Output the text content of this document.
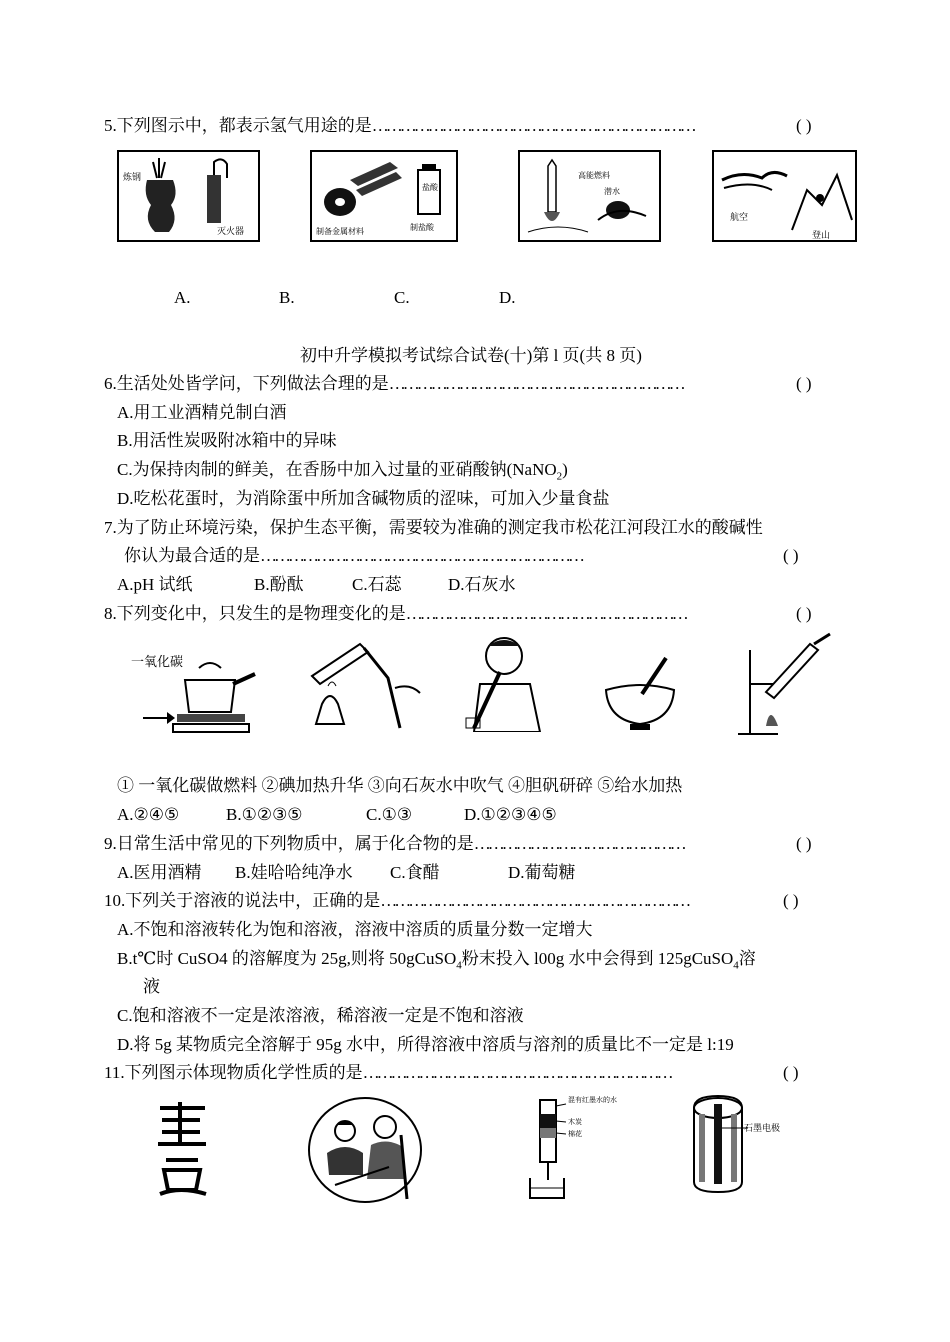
5.下列图示中，都表示氢气用途的是……………………………………………………………	( )
炼钢
灭火器
盐酸
制备金属材料	制盐酸
高能燃料
潜水
航空
登山
A.	B.	C.	D.
初中升学模拟考试综合试卷(十)第 l 页(共 8 页)
6.生活处处皆学问，下列做法合理的是………………………………………………………	( )
A.用工业酒精兑制白酒
B.用活性炭吸附冰箱中的异味
C.为保持肉制的鲜美，在香肠中加入过量的亚硝酸钠(NaNO$_2$)
D.吃松花蛋时，为消除蛋中所加含碱物质的涩味，可加入少量食盐
7.为了防止环境污染，保护生态平衡，需要较为准确的测定我市松花江河段江水的酸碱性
你认为最合适的是……………………………………………………………	( )
A.pH 试纸	B.酚酞	C.石蕊	D.石灰水
8.下列变化中，只发生的是物理变化的是……………………………………………………	( )
一氧化碳
① 一氧化碳做燃料 ②碘加热升华 ③向石灰水中吹气 ④胆矾研碎 ⑤给水加热
A.②④⑤	B.①②③⑤	C.①③	D.①②③④⑤
9.日常生活中常见的下列物质中，属于化合物的是………………………………………	( )
A.医用酒精 B.娃哈哈纯净水 C.食醋	D.葡萄糖
10.下列关于溶液的说法中，正确的是…………………………………………………………	( )
A.不饱和溶液转化为饱和溶液，溶液中溶质的质量分数一定增大
B.t℃时 CuSO4 的溶解度为 25g,则将 50gCuSO$_4$粉末投入 l00g 水中会得到 125gCuSO$_4$溶
液
C.饱和溶液不一定是浓溶液，稀溶液一定是不饱和溶液
D.将 5g 某物质完全溶解于 95g 水中，所得溶液中溶质与溶剂的质量比不一定是 l:19
11.下列图示体现物质化学性质的是…………………………………………………………	( )
混有红墨水的水
木炭
棉花	石墨电极
